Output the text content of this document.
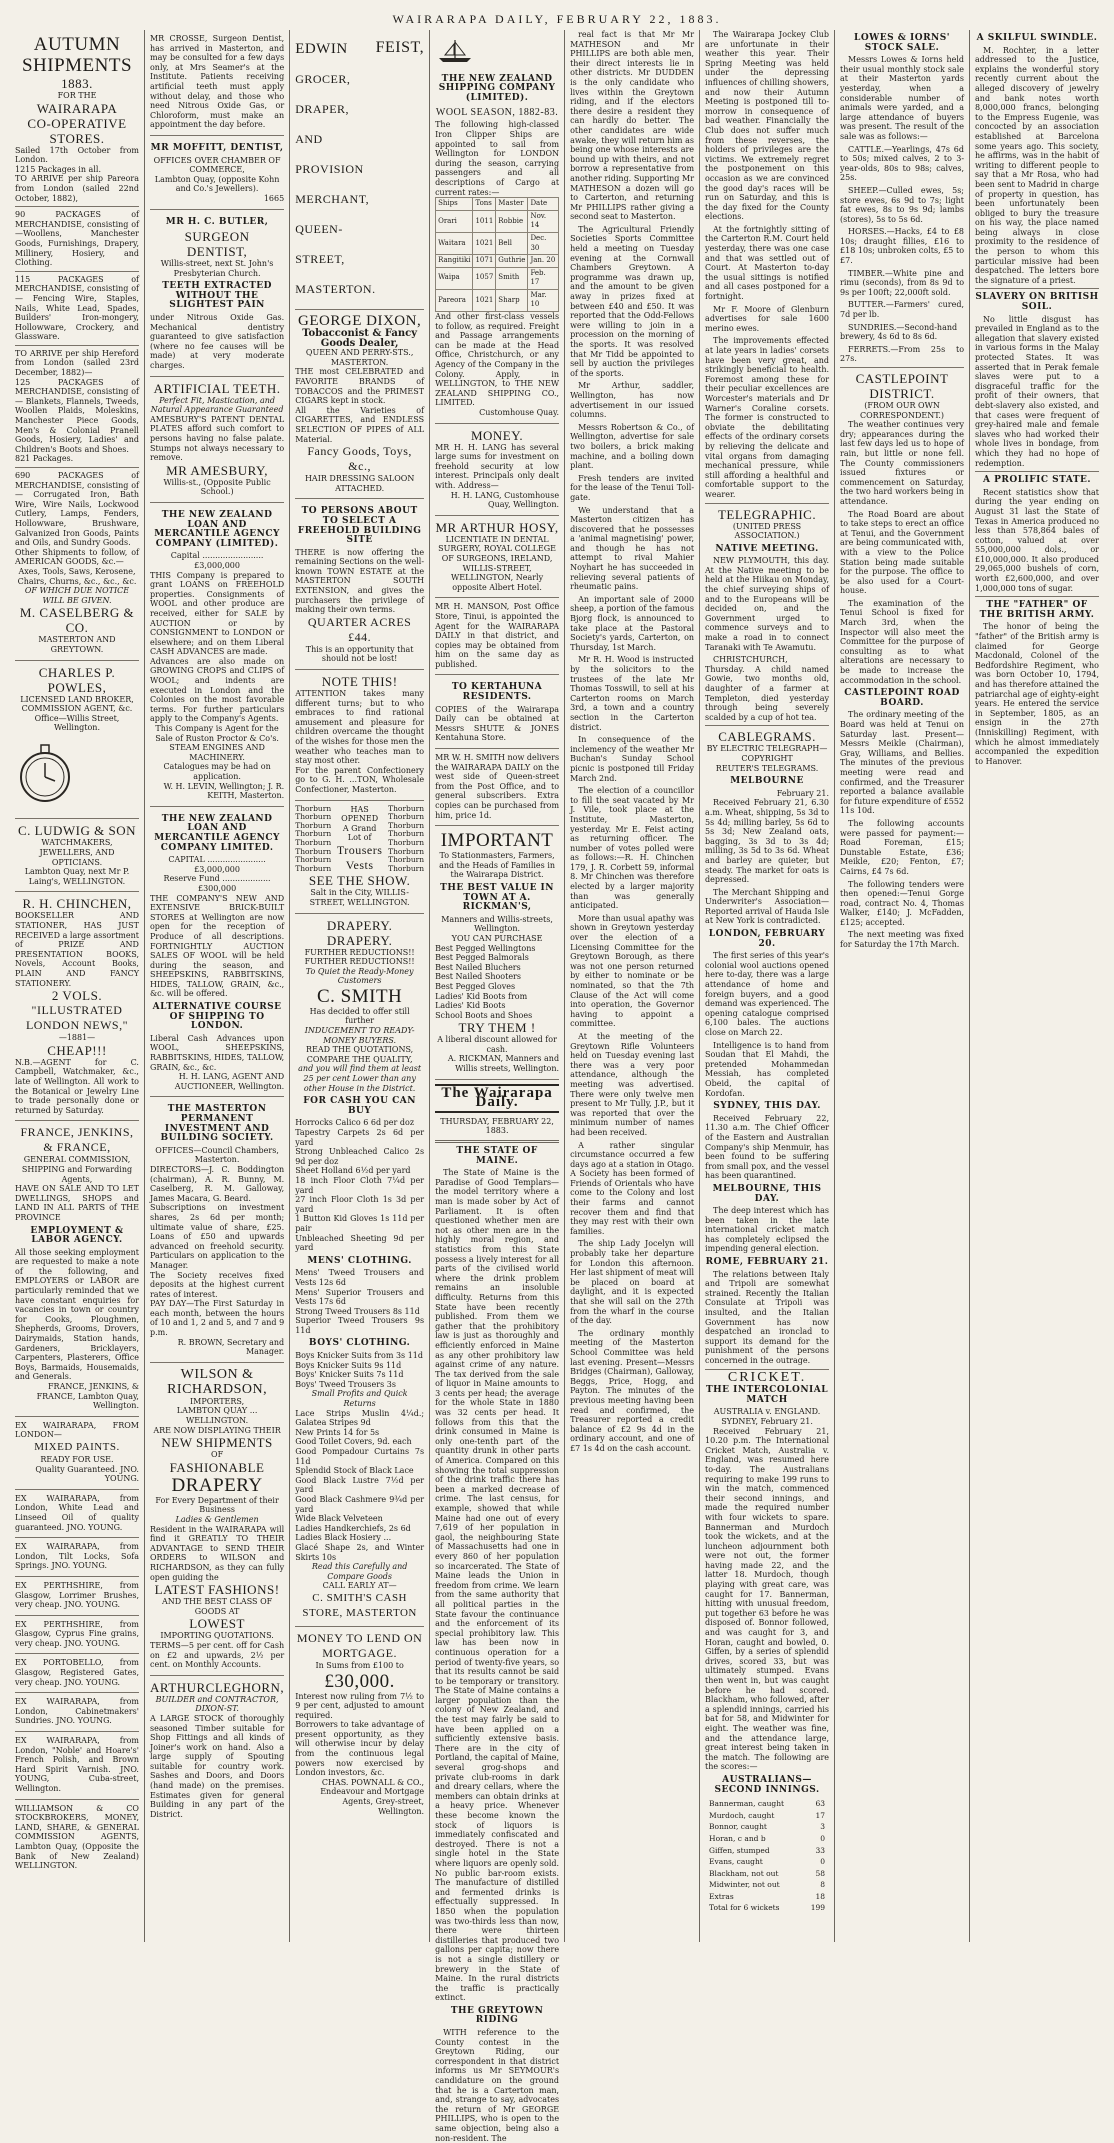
WAIRARAPA DAILY, FEBRUARY 22, 1883.
AUTUMN SHIPMENTS
1883.
FOR THE
WAIRARAPA
CO-OPERATIVE
STORES.
Sailed 17th October from London.
1215 Packages in all.
TO ARRIVE per ship Pareora from London (sailed 22nd October, 1882),
90 PACKAGES of MERCHANDISE, consisting of—Woollens, Manchester Goods, Furnishings, Drapery, Millinery, Hosiery, and Clothing.
115 PACKAGES of MERCHANDISE, consisting of— Fencing Wire, Staples, Nails, White Lead, Spades, Builders' Iron-mongery, Hollowware, Crockery, and Glassware.
TO ARRIVE per ship Hereford from London (sailed 23rd December, 1882)—
125 PACKAGES of MERCHANDISE, consisting of— Blankets, Flannels, Tweeds, Woollen Plaids, Moleskins, Manchester Piece Goods, Men's & Colonial Pranell Goods, Hosiery, Ladies' and Children's Boots and Shoes.
821 Packages.
690 PACKAGES of MERCHANDISE, consisting of— Corrugated Iron, Bath Wire, Wire Nails, Lockwood Cutlery, Lamps, Fenders, Hollowware, Brushware, Galvanized Iron Goods, Paints and Oils, and Sundry Goods.
Other Shipments to follow, of AMERICAN GOODS, &c.—
Axes, Tools, Saws, Kerosene, Chairs, Churns, &c., &c., &c.
OF WHICH DUE NOTICE WILL BE GIVEN.
M. CASELBERG & CO.
MASTERTON AND GREYTOWN.
CHARLES P. POWLES,
LICENSED LAND BROKER, COMMISSION AGENT, &c.
Office—Willis Street, Wellington.
C. LUDWIG & SON
WATCHMAKERS, JEWELLERS, AND OPTICIANS.
Lambton Quay, next Mr P. Laing's, WELLINGTON.
R. H. CHINCHEN,
BOOKSELLER AND STATIONER, HAS JUST RECEIVED a large assortment of PRIZE AND PRESENTATION BOOKS, Novels, Account Books, PLAIN AND FANCY STATIONERY.
2 VOLS.
"ILLUSTRATED LONDON NEWS,"
—1881—
CHEAP!!!
N.B.—AGENT for C. Campbell, Watchmaker, &c., late of Wellington. All work to the Botanical or Jewelry Line to trade personally done or returned by Saturday.
FRANCE, JENKINS, & FRANCE,
GENERAL COMMISSION, SHIPPING and Forwarding Agents,
HAVE ON SALE AND TO LET DWELLINGS, SHOPS and LAND IN ALL PARTS of THE PROVINCE
EMPLOYMENT & LABOR AGENCY.
All those seeking employment are requested to make a note of the following, and EMPLOYERS or LABOR are particularly reminded that we have constant enquiries for vacancies in town or country for Cooks, Ploughmen, Shepherds, Grooms, Drovers, Dairymaids, Station hands, Gardeners, Bricklayers, Carpenters, Plasterers, Office Boys, Barmaids, Housemaids, and Generals.
FRANCE, JENKINS, & FRANCE, Lambton Quay, Wellington.
EX WAIRARAPA, FROM LONDON—
MIXED PAINTS.
READY FOR USE.
Quality Guaranteed. JNO. YOUNG.
EX WAIRARAPA, from London, White Lead and Linseed Oil of quality guaranteed. JNO. YOUNG.
EX WAIRARAPA, from London, Tilt Locks, Sofa Springs. JNO. YOUNG.
EX PERTHSHIRE, from Glasgow, Lorrimer Brushes, very cheap. JNO. YOUNG.
EX PERTHSHIRE, from Glasgow, Cyprus Fine grains, very cheap. JNO. YOUNG.
EX PORTOBELLO, from Glasgow, Registered Gates, very cheap. JNO. YOUNG.
EX WAIRARAPA, from London, Cabinetmakers' Sundries. JNO. YOUNG.
EX WAIRARAPA, from London, "Noble' and Hoare's' French Polish, and Brown Hard Spirit Varnish. JNO. YOUNG, Cuba-street, Wellington.
WILLIAMSON & CO STOCKBROKERS, MONEY, LAND, SHARE, & GENERAL COMMISSION AGENTS, Lambton Quay, (Opposite the Bank of New Zealand) WELLINGTON.
MR CROSSE, Surgeon Dentist, has arrived in Masterton, and may be consulted for a few days only, at Mrs Seamer's at the Institute. Patients receiving artificial teeth must apply without delay, and those who need Nitrous Oxide Gas, or Chloroform, must make an appointment the day before.
MR MOFFITT, DENTIST,
OFFICES OVER CHAMBER OF COMMERCE,
Lambton Quay, (opposite Kohn and Co.'s Jewellers).
1665
MR H. C. BUTLER,
SURGEON
DENTIST,
Willis-street, next St. John's Presbyterian Church.
TEETH EXTRACTED WITHOUT THE SLIGHTEST PAIN
under Nitrous Oxide Gas. Mechanical dentistry guaranteed to give satisfaction (where no fee causes will be made) at very moderate charges.
ARTIFICIAL TEETH.
Perfect Fit, Mastication, and Natural Appearance Guaranteed
AMESBURY'S PATENT DENTAL PLATES afford such comfort to persons having no false palate. Stumps not always necessary to remove.
MR AMESBURY,
Willis-st., (Opposite Public School.)
THE NEW ZEALAND LOAN AND MERCANTILE AGENCY COMPANY (LIMITED).
Capital ........................ £3,000,000
THIS Company is prepared to grant LOANS on FREEHOLD properties. Consignments of WOOL and other produce are received, either for SALE by AUCTION or by CONSIGNMENT to LONDON or elsewhere; and on them Liberal CASH ADVANCES are made.
Advances are also made on GROWING CROPS and CLIPS of WOOL; and indents are executed in London and the Colonies on the most favorable terms. For further particulars apply to the Company's Agents.
This Company is Agent for the Sale of Ruston Proctor & Co's. STEAM ENGINES AND MACHINERY.
Catalogues may be had on application.
W. H. LEVIN, Wellington; J. R. KEITH, Masterton.
THE NEW ZEALAND LOAN AND MERCANTILE AGENCY COMPANY LIMITED.
CAPITAL ....................... £3,000,000
Reserve Fund ................... £300,000
THE COMPANY'S NEW AND EXTENSIVE BRICK-BUILT STORES at Wellington are now open for the reception of Produce of all descriptions. FORTNIGHTLY AUCTION SALES OF WOOL will be held during the season, and SHEEPSKINS, RABBITSKINS, HIDES, TALLOW, GRAIN, &c., &c. will be offered.
ALTERNATIVE COURSE OF SHIPPING TO LONDON.
Liberal Cash Advances upon WOOL, SHEEPSKINS, RABBITSKINS, HIDES, TALLOW, GRAIN, &c., &c.
H. H. LANG, AGENT AND AUCTIONEER, Wellington.
THE MASTERTON PERMANENT INVESTMENT AND BUILDING SOCIETY.
OFFICES—Council Chambers, Masterton.
DIRECTORS—J. C. Boddington (chairman), A. R. Bunny, M. Caselberg, R. M. Galloway, James Macara, G. Beard.
Subscriptions on investment shares, 2s 6d per month; ultimate value of share, £25. Loans of £50 and upwards advanced on freehold security. Particulars on application to the Manager.
The Society receives fixed deposits at the highest current rates of interest.
PAY DAY—The First Saturday in each month, between the hours of 10 and 1, 2 and 5, and 7 and 9 p.m.
R. BROWN, Secretary and Manager.
WILSON & RICHARDSON,
IMPORTERS,
LAMBTON QUAY ... WELLINGTON.
ARE NOW DISPLAYING THEIR
NEW SHIPMENTS
OF
FASHIONABLE
DRAPERY
For Every Department of their Business
Ladies & Gentlemen
Resident in the WAIRARAPA will find it GREATLY TO THEIR ADVANTAGE to SEND THEIR ORDERS to WILSON and RICHARDSON, as they can fully open guiding the
LATEST FASHIONS!
AND THE BEST CLASS OF GOODS AT
LOWEST
IMPORTING QUOTATIONS.
TERMS—5 per cent. off for Cash on £2 and upwards, 2½ per cent. on Monthly Accounts.
ARTHURCLEGHORN,
BUILDER and CONTRACTOR, DIXON-ST.
A LARGE STOCK of thoroughly seasoned Timber suitable for Shop Fittings and all kinds of Joiner's work on hand. Also a large supply of Spouting suitable for country work. Sashes and Doors, and Doors (hand made) on the premises. Estimates given for general Building in any part of the District.
EDWIN
GROCER,
DRAPER, AND
PROVISION MERCHANT,
QUEEN-STREET,
MASTERTON.
FEIST,
GEORGE DIXON,
Tobacconist & Fancy Goods Dealer,
QUEEN AND PERRY-STS., MASTERTON.
THE most CELEBRATED and FAVORITE BRANDS of TOBACCOS and the PRIMEST CIGARS kept in stock.
All the Varieties of CIGARETTES, and ENDLESS SELECTION OF PIPES of ALL Material.
Fancy Goods, Toys, &c.,
HAIR DRESSING SALOON ATTACHED.
TO PERSONS ABOUT TO SELECT A FREEHOLD BUILDING SITE
THERE is now offering the remaining Sections on the well-known TOWN ESTATE at the MASTERTON SOUTH EXTENSION, and gives the purchasers the privilege of making their own terms.
QUARTER ACRES £44.
This is an opportunity that should not be lost!
NOTE THIS!
ATTENTION takes many different turns; but to who embraces to find rational amusement and pleasure for children overcame the thought of the wishes for those men the weather who teaches man to stay most other.
For the parent Confectionery go to G. H. ...TON, Wholesale Confectioner, Masterton.
Thorburn
Thorburn
Thorburn
Thorburn
Thorburn
Thorburn
Thorburn
Thorburn
HAS OPENED
A Grand Lot of
Trousers
Vests
Thorburn
Thorburn
Thorburn
Thorburn
Thorburn
Thorburn
Thorburn
Thorburn
SEE THE SHOW.
Salt in the City, WILLIS-STREET, WELLINGTON.
DRAPERY. DRAPERY.
FURTHER REDUCTIONS!! FURTHER REDUCTIONS!!
To Quiet the Ready-Money Customers
C. SMITH
Has decided to offer still further
INDUCEMENT TO READY-MONEY BUYERS.
READ THE QUOTATIONS, COMPARE THE QUALITY,
and you will find them at least 25 per cent Lower than any other House in the District.
FOR CASH YOU CAN BUY
Horrocks Calico 6 6d per doz
Tapestry Carpets 2s 6d per yard
Strong Unbleached Calico 2s 9d per doz
Sheet Holland 6½d per yard
18 inch Floor Cloth 7¼d per yard
27 inch Floor Cloth 1s 3d per yard
1 Button Kid Gloves 1s 11d per pair
Unbleached Sheeting 9d per yard
MENS' CLOTHING.
Mens' Tweed Trousers and Vests 12s 6d
Mens' Superior Trousers and Vests 17s 6d
Strong Tweed Trousers 8s 11d
Superior Tweed Trousers 9s 11d
BOYS' CLOTHING.
Boys Knicker Suits from 3s 11d
Boys Knicker Suits 9s 11d
Boys' Knicker Suits 7s 11d
Boys' Tweed Trousers 3s
Small Profits and Quick Returns
Lace Strips Muslin 4¼d.; Galatea Stripes 9d
New Prints 14 for 5s
Good Toilet Covers, 9d. each
Good Pompadour Curtains 7s 11d
Splendid Stock of Black Lace
Good Black Lustre 7½d per yard
Good Black Cashmere 9¾d per yard
Wide Black Velveteen
Ladies Handkerchiefs, 2s 6d
Ladies Black Hosiery ...
Glacé Shape 2s, and Winter Skirts 10s
Read this Carefully and Compare Goods
CALL EARLY AT—
C. SMITH'S CASH STORE, MASTERTON
MONEY TO LEND ON MORTGAGE.
In Sums from £100 to
£30,000.
Interest now ruling from 7½ to 9 per cent, adjusted to amount required.
Borrowers to take advantage of present opportunity, as they will otherwise incur by delay from the continuous legal powers now exercised by London investors, &c.
CHAS. POWNALL & CO., Endeavour and Mortgage Agents, Grey-street, Wellington.
THE NEW ZEALAND SHIPPING COMPANY (LIMITED).
WOOL SEASON, 1882-83.
The following high-classed Iron Clipper Ships are appointed to sail from Wellington for LONDON during the season, carrying passengers and all descriptions of Cargo at current rates:—
Ships	Tons	Master	Date
Orari	1011	Robbie	Nov. 14
Waitara	1021	Bell	Dec. 30
Rangitiki	1071	Guthrie	Jan. 20
Waipa	1057	Smith	Feb. 17
Pareora	1021	Sharp	Mar. 10
And other first-class vessels to follow, as required. Freight and Passage arrangements can be made at the Head Office, Christchurch, or any Agency of the Company in the Colony. Apply, in WELLINGTON, to THE NEW ZEALAND SHIPPING CO., LIMITED.
Customhouse Quay.
MONEY.
MR H. H. LANG has several large sums for investment on freehold security at low interest. Principals only dealt with. Address—
H. H. LANG, Customhouse Quay, Wellington.
MR ARTHUR HOSY,
LICENTIATE IN DENTAL SURGERY, ROYAL COLLEGE OF SURGEONS, IRELAND,
WILLIS-STREET, WELLINGTON, Nearly opposite Albert Hotel.
MR H. MANSON, Post Office Store, Tinui, is appointed the Agent for the WAIRARAPA DAILY in that district, and copies may be obtained from him on the same day as published.
TO KERTAHUNA RESIDENTS.
COPIES of the Wairarapa Daily can be obtained at Messrs SHUTE & JONES Kentahuna Store.
MR W. H. SMITH now delivers the WAIRARAPA DAILY on the west side of Queen-street from the Post Office, and to general subscribers. Extra copies can be purchased from him, price 1d.
IMPORTANT
To Stationmasters, Farmers, and the Heads of Families in the Wairarapa District.
THE BEST VALUE IN TOWN AT A. RICKMAN'S,
Manners and Willis-streets, Wellington.
YOU CAN PURCHASE
Best Pegged Wellingtons
Best Pegged Balmorals
Best Nailed Bluchers
Best Nailed Shooters
Best Pegged Gloves
Ladies' Kid Boots from
Ladies' Kid Boots
School Boots and Shoes
TRY THEM !
A liberal discount allowed for cash.
A. RICKMAN, Manners and Willis streets, Wellington.
The Wairarapa Daily.
THURSDAY, FEBRUARY 22, 1883.
THE STATE OF MAINE.

The State of Maine is the Paradise of Good Templars—the model territory where a man is made sober by Act of Parliament. It is often questioned whether men are not as other men are in the highly moral region, and statistics from this State possess a lively interest for all parts of the civilised world where the drink problem remains an insoluble difficulty. Returns from this State have been recently published. From them we gather that the prohibitory law is just as thoroughly and efficiently enforced in Maine as any other prohibitory law against crime of any nature. The tax derived from the sale of liquor in Maine amounts to 3 cents per head; the average for the whole State in 1880 was 32 cents per head. It follows from this that the drink consumed in Maine is only one-tenth part of the quantity drunk in other parts of America. Compared on this showing the total suppression of the drink traffic there has been a marked decrease of crime. The last census, for example, showed that while Maine had one out of every 7,619 of her population in gaol, the neighbouring State of Massachusetts had one in every 860 of her population so incarcerated. The State of Maine leads the Union in freedom from crime. We learn from the same authority that all political parties in the State favour the continuance and the enforcement of its special prohibitory law. This law has been now in continuous operation for a period of twenty-five years, so that its results cannot be said to be temporary or transitory. The State of Maine contains a larger population than the colony of New Zealand, and the test may fairly be said to have been applied on a sufficiently extensive basis. There are in the city of Portland, the capital of Maine, several grog-shops and private club-rooms in dark and dreary cellars, where the members can obtain drinks at a heavy price. Whenever these become known the stock of liquors is immediately confiscated and destroyed. There is not a single hotel in the State where liquors are openly sold. No public bar-room exists. The manufacture of distilled and fermented drinks is effectually suppressed. In 1850 when the population was two-thirds less than now, there were thirteen distilleries that produced two gallons per capita; now there is not a single distillery or brewery in the State of Maine. In the rural districts the traffic is practically extinct.

THE GREYTOWN RIDING

WITH reference to the County contest in the Greytown Riding, our correspondent in that district informs us Mr SEYMOUR's candidature on the ground that he is a Carterton man, and, strange to say, advocates the return of Mr GEORGE PHILLIPS, who is open to the same objection, being also a non-resident. The

real fact is that Mr Mr MATHESON and Mr PHILLIPS are both able men, their direct interests lie in other districts. Mr DUDDEN is the only candidate who lives within the Greytown riding, and if the electors there desire a resident they can hardly do better. The other candidates are wide awake, they will return him as being one whose interests are bound up with theirs, and not borrow a representative from another riding. Supporting Mr MATHESON a dozen will go to Carterton, and returning Mr PHILLIPS rather giving a second seat to Masterton.

The Agricultural Friendly Societies Sports Committee held a meeting on Tuesday evening at the Cornwall Chambers Greytown. A programme was drawn up, and the amount to be given away in prizes fixed at between £40 and £50. It was reported that the Odd-Fellows were willing to join in a procession on the morning of the sports. It was resolved that Mr Tidd be appointed to sell by auction the privileges of the sports.

Mr Arthur, saddler, Wellington, has now advertisement in our issued columns.

Messrs Robertson & Co., of Wellington, advertise for sale two boilers, a brick making machine, and a boiling down plant.

Fresh tenders are invited for the lease of the Tenui Toll-gate.

We understand that a Masterton citizen has discovered that he possesses a 'animal magnetising' power, and though he has not attempt to rival Mahier Noyhart he has succeeded in relieving several patients of rheumatic pains.

An important sale of 2000 sheep, a portion of the famous Bjorg flock, is announced to take place at the Pastoral Society's yards, Carterton, on Thursday, 1st March.

Mr R. H. Wood is instructed by the solicitors to the trustees of the late Mr Thomas Tosswill, to sell at his Carterton rooms on March 3rd, a town and a country section in the Carterton district.

In consequence of the inclemency of the weather Mr Buchan's Sunday School picnic is postponed till Friday March 2nd.

The election of a councillor to fill the seat vacated by Mr J. Vile, took place at the Institute, Masterton, yesterday. Mr E. Feist acting as returning officer. The number of votes polled were as follows:—R. H. Chinchen 179, J. R. Corbett 59, informal 8. Mr Chinchen was therefore elected by a larger majority than was generally anticipated.

More than usual apathy was shown in Greytown yesterday over the election of a Licensing Committee for the Greytown Borough, as there was not one person returned by either to nominate or be nominated, so that the 7th Clause of the Act will come into operation, the Governor having to appoint a committee.

At the meeting of the Greytown Rifle Volunteers held on Tuesday evening last there was a very poor attendance, although the meeting was advertised. There were only twelve men present to Mr Tully, J.P., but it was reported that over the minimum number of names had been received.

A rather singular circumstance occurred a few days ago at a station in Otago. A Society has been formed of Friends of Orientals who have come to the Colony and lost their farms and cannot recover them and find that they may rest with their own families.

The ship Lady Jocelyn will probably take her departure for London this afternoon. Her last shipment of meat will be placed on board at daylight, and it is expected that she will sail on the 27th from the wharf in the course of the day.

The ordinary monthly meeting of the Masterton School Committee was held last evening. Present—Messrs Bridges (Chairman), Galloway, Beggs, Price, Hogg, and Payton. The minutes of the previous meeting having been read and confirmed, the Treasurer reported a credit balance of £2 9s 4d in the ordinary account, and one of £7 1s 4d on the cash account.

The Wairarapa Jockey Club are unfortunate in their weather this year. Their Spring Meeting was held under the depressing influences of chilling showers, and now their Autumn Meeting is postponed till to-morrow in consequence of bad weather. Financially the Club does not suffer much from these reverses, the holders of privileges are the victims. We extremely regret the postponement on this occasion as we are convinced the good day's races will be run on Saturday, and this is the day fixed for the County elections.

At the fortnightly sitting of the Carterton R.M. Court held yesterday, there was one case and that was settled out of Court. At Masterton to-day the usual sittings is notified and all cases postponed for a fortnight.

Mr F. Moore of Glenburn advertises for sale 1600 merino ewes.

The improvements effected at late years in ladies' corsets have been very great, and strikingly beneficial to health. Foremost among these for their peculiar excellences are Worcester's materials and Dr Warner's Coraline corsets. The former is constructed to obviate the debilitating effects of the ordinary corsets by relieving the delicate and vital organs from damaging mechanical pressure, while still affording a healthful and comfortable support to the wearer.

TELEGRAPHIC.
(UNITED PRESS ASSOCIATION.)
NATIVE MEETING.

NEW PLYMOUTH, this day. At the Native meeting to be held at the Hiikau on Monday, the chief surveying ships of and to the Europeans will be decided on, and the Government urged to commence surveys and to make a road in to connect Taranaki with Te Awamutu.

CHRISTCHURCH, Thursday. A child named Gowie, two months old, daughter of a farmer at Templeton, died yesterday through being severely scalded by a cup of hot tea.

CABLEGRAMS.
BY ELECTRIC TELEGRAPH—COPYRIGHT
REUTER'S TELEGRAMS.
MELBOURNE
February 21.

Received February 21, 6.30 a.m. Wheat, shipping, 5s 3d to 5s 4d; milling barley, 5s 6d to 5s 3d; New Zealand oats, bagging, 3s 3d to 3s 4d; milling, 3s 5d to 3s 6d. Wheat and barley are quieter, but steady. The market for oats is depressed.

The Merchant Shipping and Underwriter's Association—Reported arrival of Hauda Isle at New York is contradicted.

LONDON, FEBRUARY 20.

The first series of this year's colonial wool auctions opened here to-day, there was a large attendance of home and foreign buyers, and a good demand was experienced. The opening catalogue comprised 6,100 bales. The auctions close on March 22.

Intelligence is to hand from Soudan that El Mahdi, the pretended Mohammedan Messiah, has completed Obeid, the capital of Kordofan.

SYDNEY, THIS DAY.

Received February 22, 11.30 a.m. The Chief Officer of the Eastern and Australian Company's ship Menmuir, has been found to be suffering from small pox, and the vessel has been quarantined.

MELBOURNE, THIS DAY.

The deep interest which has been taken in the late international cricket match has completely eclipsed the impending general election.

ROME, FEBRUARY 21.

The relations between Italy and Tripoli are somewhat strained. Recently the Italian Consulate at Tripoli was insulted, and the Italian Government has now despatched an ironclad to support its demand for the punishment of the persons concerned in the outrage.

CRICKET.
THE INTERCOLONIAL MATCH
AUSTRALIA v. ENGLAND.
SYDNEY, February 21.

Received February 21, 10.20 p.m. The International Cricket Match, Australia v. England, was resumed here to-day. The Australians requiring to make 199 runs to win the match, commenced their second innings, and made the required number with four wickets to spare. Bannerman and Murdoch took the wickets, and at the luncheon adjournment both were not out, the former having made 22, and the latter 18. Murdoch, though playing with great care, was caught for 17. Bannerman, hitting with unusual freedom, put together 63 before he was disposed of. Bonnor followed, and was caught for 3, and Horan, caught and bowled, 0. Giffen, by a series of splendid drives, scored 33, but was ultimately stumped. Evans then went in, but was caught before he had scored. Blackham, who followed, after a splendid innings, carried his bat for 58, and Midwinter for eight. The weather was fine, and the attendance large, great interest being taken in the match. The following are the scores:—

AUSTRALIANS—SECOND INNINGS.
Bannerman, caught	63
Murdoch, caught	17
Bonnor, caught	3
Horan, c and b	0
Giffen, stumped	33
Evans, caught	0
Blackham, not out	58
Midwinter, not out	8
Extras	18
Total for 6 wickets	199
LOWES & IORNS' STOCK SALE.

Messrs Lowes & Iorns held their usual monthly stock sale at their Masterton yards yesterday, when a considerable number of animals were yarded, and a large attendance of buyers was present. The result of the sale was as follows:—

CATTLE.—Yearlings, 47s 6d to 50s; mixed calves, 2 to 3-year-olds, 80s to 98s; calves, 25s.

SHEEP.—Culled ewes, 5s; store ewes, 6s 9d to 7s; light fat ewes, 8s to 9s 9d; lambs (stores), 5s to 5s 6d.

HORSES.—Hacks, £4 to £8 10s; draught fillies, £16 to £18 10s; unbroken colts, £5 to £7.

TIMBER.—White pine and rimu (seconds), from 8s 9d to 9s per 100ft; 22,000ft sold.

BUTTER.—Farmers' cured, 7d per lb.

SUNDRIES.—Second-hand brewery, 4s 6d to 8s 6d.

FERRETS.—From 25s to 27s.

CASTLEPOINT DISTRICT.
(FROM OUR OWN CORRESPONDENT.)

The weather continues very dry; appearances during the last few days led us to hope of rain, but little or none fell. The County commissioners issued fixtures or commencement on Saturday, the two hard workers being in attendance.

The Road Board are about to take steps to erect an office at Tenui, and the Government are being communicated with, with a view to the Police Station being made suitable for the purpose. The office to be also used for a Court-house.

The examination of the Tenui School is fixed for March 3rd, when the Inspector will also meet the Committee for the purpose of consulting as to what alterations are necessary to be made to increase the accommodation in the school.

CASTLEPOINT ROAD BOARD.

The ordinary meeting of the Board was held at Tenui on Saturday last. Present—Messrs Meikle (Chairman), Gray, Williams, and Bellies. The minutes of the previous meeting were read and confirmed, and the Treasurer reported a balance available for future expenditure of £552 11s 10d.

The following accounts were passed for payment:—Road Foreman, £15; Dunstable Estate, £36; Meikle, £20; Fenton, £7; Cairns, £4 7s 6d.

The following tenders were then opened:—Tenui Gorge road, contract No. 4, Thomas Walker, £140; J. McFadden, £125; accepted.

The next meeting was fixed for Saturday the 17th March.

A SKILFUL SWINDLE.

M. Rochter, in a letter addressed to the Justice, explains the wonderful story recently current about the alleged discovery of jewelry and bank notes worth 8,000,000 francs, belonging to the Empress Eugenie, was concocted by an association established at Barcelona some years ago. This society, he affirms, was in the habit of writing to different people to say that a Mr Rosa, who had been sent to Madrid in charge of property in question, has been unfortunately been obliged to bury the treasure on his way, the place named being always in close proximity to the residence of the person to whom this particular missive had been despatched. The letters bore the signature of a priest.

SLAVERY ON BRITISH SOIL.

No little disgust has prevailed in England as to the allegation that slavery existed in various forms in the Malay protected States. It was asserted that in Perak female slaves were put to a disgraceful traffic for the profit of their owners, that debt-slavery also existed, and that cases were frequent of grey-haired male and female slaves who had worked their whole lives in bondage, from which they had no hope of redemption.

A PROLIFIC STATE.

Recent statistics show that during the year ending on August 31 last the State of Texas in America produced no less than 578,864 bales of cotton, valued at over 55,000,000 dols., or £10,000,000. It also produced 29,065,000 bushels of corn, worth £2,600,000, and over 1,000,000 tons of sugar.

THE "FATHER" OF THE BRITISH ARMY.

The honor of being the "father" of the British army is claimed for George Macdonald, Colonel of the Bedfordshire Regiment, who was born October 10, 1794, and has therefore attained the patriarchal age of eighty-eight years. He entered the service in September, 1805, as an ensign in the 27th (Inniskilling) Regiment, with which he almost immediately accompanied the expedition to Hanover.
